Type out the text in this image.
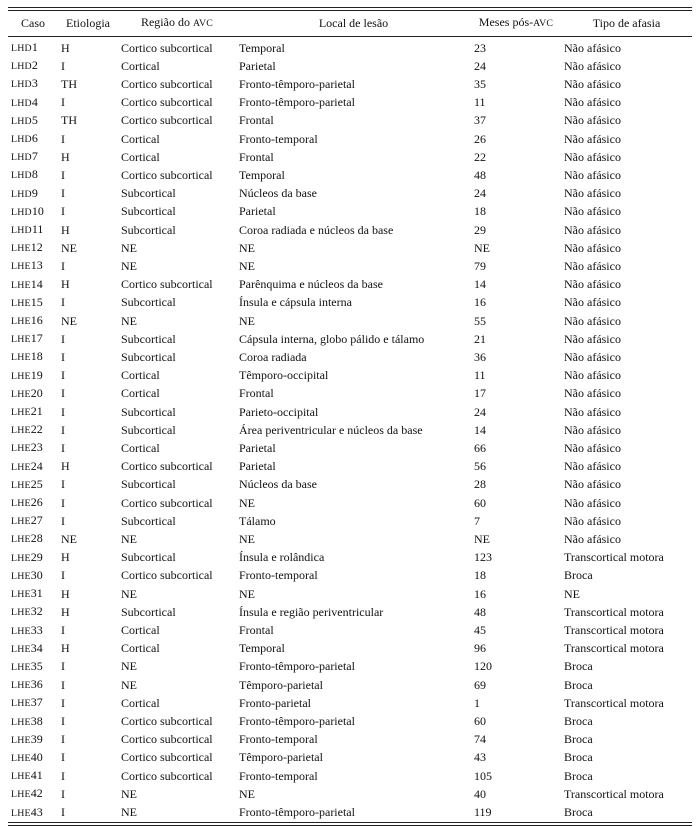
Caso	Etiologia	Região do AVC	Local de lesão	Meses pós-AVC	Tipo de afasia
LHD1	H	Cortico subcortical	Temporal	23	Não afásico
LHD2	I	Cortical	Parietal	24	Não afásico
LHD3	TH	Cortico subcortical	Fronto-têmporo-parietal	35	Não afásico
LHD4	I	Cortico subcortical	Fronto-têmporo-parietal	11	Não afásico
LHD5	TH	Cortico subcortical	Frontal	37	Não afásico
LHD6	I	Cortical	Fronto-temporal	26	Não afásico
LHD7	H	Cortical	Frontal	22	Não afásico
LHD8	I	Cortico subcortical	Temporal	48	Não afásico
LHD9	I	Subcortical	Núcleos da base	24	Não afásico
LHD10	I	Subcortical	Parietal	18	Não afásico
LHD11	H	Subcortical	Coroa radiada e núcleos da base	29	Não afásico
LHE12	NE	NE	NE	NE	Não afásico
LHE13	I	NE	NE	79	Não afásico
LHE14	H	Cortico subcortical	Parênquima e núcleos da base	14	Não afásico
LHE15	I	Subcortical	Ínsula e cápsula interna	16	Não afásico
LHE16	NE	NE	NE	55	Não afásico
LHE17	I	Subcortical	Cápsula interna, globo pálido e tálamo	21	Não afásico
LHE18	I	Subcortical	Coroa radiada	36	Não afásico
LHE19	I	Cortical	Têmporo-occipital	11	Não afásico
LHE20	I	Cortical	Frontal	17	Não afásico
LHE21	I	Subcortical	Parieto-occipital	24	Não afásico
LHE22	I	Subcortical	Área periventricular e núcleos da base	14	Não afásico
LHE23	I	Cortical	Parietal	66	Não afásico
LHE24	H	Cortico subcortical	Parietal	56	Não afásico
LHE25	I	Subcortical	Núcleos da base	28	Não afásico
LHE26	I	Cortico subcortical	NE	60	Não afásico
LHE27	I	Subcortical	Tálamo	7	Não afásico
LHE28	NE	NE	NE	NE	Não afásico
LHE29	H	Subcortical	Ínsula e rolândica	123	Transcortical motora
LHE30	I	Cortico subcortical	Fronto-temporal	18	Broca
LHE31	H	NE	NE	16	NE
LHE32	H	Subcortical	Ínsula e região periventricular	48	Transcortical motora
LHE33	I	Cortical	Frontal	45	Transcortical motora
LHE34	H	Cortical	Temporal	96	Transcortical motora
LHE35	I	NE	Fronto-têmporo-parietal	120	Broca
LHE36	I	NE	Têmporo-parietal	69	Broca
LHE37	I	Cortical	Fronto-parietal	1	Transcortical motora
LHE38	I	Cortico subcortical	Fronto-têmporo-parietal	60	Broca
LHE39	I	Cortico subcortical	Fronto-temporal	74	Broca
LHE40	I	Cortico subcortical	Têmporo-parietal	43	Broca
LHE41	I	Cortico subcortical	Fronto-temporal	105	Broca
LHE42	I	NE	NE	40	Transcortical motora
LHE43	I	NE	Fronto-têmporo-parietal	119	Broca
